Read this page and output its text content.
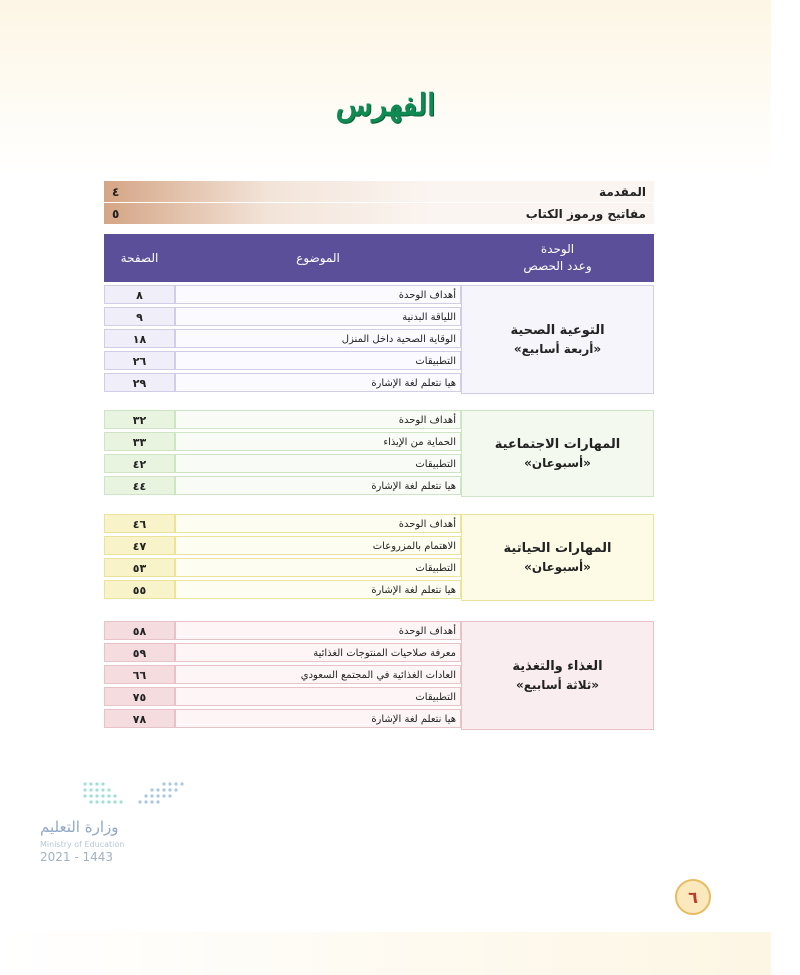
الفهرس
المقدمة
٤
مفاتيح ورموز الكتاب
٥
الوحدة
وعدد الحصص
الموضوع
الصفحة
التوعية الصحية
«أربعة أسابيع»
أهداف الوحدة
٨
اللياقة البدنية
٩
الوقاية الصحية داخل المنزل
١٨
التطبيقات
٢٦
هيا نتعلم لغة الإشارة
٢٩
المهارات الاجتماعية
«أسبوعان»
أهداف الوحدة
٣٢
الحماية من الإيذاء
٣٣
التطبيقات
٤٢
هيا نتعلم لغة الإشارة
٤٤
المهارات الحياتية
«أسبوعان»
أهداف الوحدة
٤٦
الاهتمام بالمزروعات
٤٧
التطبيقات
٥٣
هيا نتعلم لغة الإشارة
٥٥
الغذاء والتغذية
«ثلاثة أسابيع»
أهداف الوحدة
٥٨
معرفة صلاحيات المنتوجات الغذائية
٥٩
العادات الغذائية في المجتمع السعودي
٦٦
التطبيقات
٧٥
هيا نتعلم لغة الإشارة
٧٨
وزارة التعليم
Ministry of Education
2021 - 1443
٦
